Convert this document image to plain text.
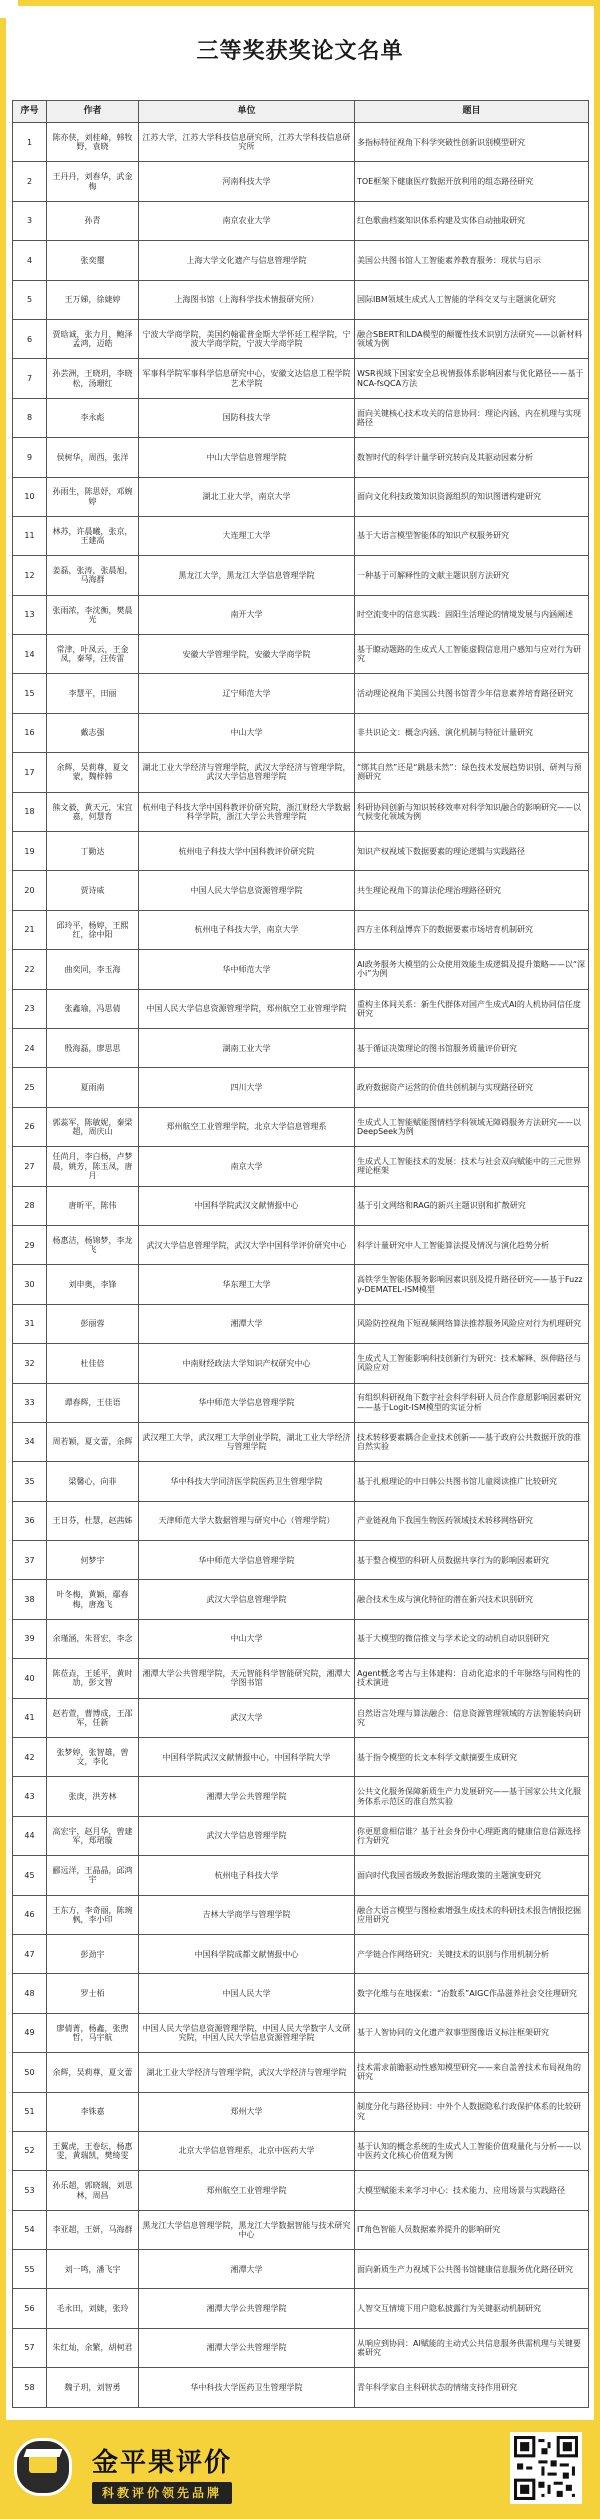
三等奖获奖论文名单
序号	作者	单位	题目
1	陈亦侠，刘桂峰，韩牧野，袁晓	江苏大学，江苏大学科技信息研究所，江苏大学科技信息研究所	多指标特征视角下科学突破性创新识别模型研究
2	王丹丹，刘春华，武金梅	河南科技大学	TOE框架下健康医疗数据开放利用的组态路径研究
3	孙青	南京农业大学	红色歌曲档案知识体系构建及实体自动抽取研究
4	张奕璽	上海大学文化遗产与信息管理学院	美国公共图书馆人工智能素养教育服务：现状与启示
5	王万娣，徐婕婷	上海图书馆（上海科学技术情报研究所）	国际IBM领域生成式人工智能的学科交叉与主题演化研究
6	贾晗诚，张力月，鲍泽孟鸿，迈皓	宁波大学商学院，美国约翰霍普金斯大学怀廷工程学院，宁波大学商学院，宁波大学商学院	融合SBERT和LDA模型的颠覆性技术识别方法研究——以新材料领域为例
7	孙芸洲，王晓玥，李晓松，汤珊红	军事科学院军事科学信息研究中心，安徽文达信息工程学院艺术学院	WSR视域下国家安全总视情报体系影响因素与优化路径——基于NCA-fsQCA方法
8	李永彪	国防科技大学	面向关键核心技术攻关的信息协同：理论内涵、内在机理与实现路径
9	侯树华，周西，张洋	中山大学信息管理学院	数智时代的科学计量学研究转向及其驱动因素分析
10	孙雨生，陈思妤，邓婉婷	湖北工业大学，南京大学	面向文化科技政策知识资源组织的知识图谱构建研究
11	林苏，许晨曦，张京，王建高	大连理工大学	基于大语言模型智能体的知识产权服务研究
12	姜磊，张涛，张晨旭，马海群	黑龙江大学，黑龙江大学信息管理学院	一种基于可解释性的文献主题识别方法研究
13	张雨浓，李沈衡，樊晨光	南开大学	时空流变中的信息实践：固阳生活理论的情境发展与内涵阐述
14	常津，叶凤云，王金凤，秦琴，汪传雷	安徽大学管理学院，安徽大学商学院	基于瞭动题路的生成式人工智能虚假信息用户感知与应对行为研究
15	李慧平，田丽	辽宁师范大学	活动理论视角下美国公共图书馆青少年信息素养培育路径研究
16	戴志强	中山大学	非共识论文：概念内涵、演化机制与特征计量研究
17	余辉，吴莉尊，夏文蒙，魏梓韩	湖北工业大学经济与管理学院，武汉大学经济与管理学院，武汉大学信息管理学院	“绑其自然”还是“跳悬未然”：绿色技术发展趋势识别、研判与预测研究
18	熊文毅，黄天元，宋宜嘉，何慧育	杭州电子科技大学中国科教评价研究院，浙江财经大学数据科学学院，浙江大学公共管理学院	科研协同创新与知识转移效率对科学知识融合的影响研究——以气候变化领域为例
19	丁勤达	杭州电子科技大学中国科教评价研究院	知识产权视域下数据要素的理论逻辑与实践路径
20	贾诗威	中国人民大学信息资源管理学院	共生理论视角下的算法伦理治理路径研究
21	邱玲平，杨婷，王熙红，徐中阳	杭州电子科技大学，南京大学	四方主体利益博弈下的数据要素市场培育机制研究
22	曲奕同，李玉海	华中师范大学	AI政务服务大模型的公众使用效能生成逻辑及提升策略——以“深小i”为例
23	张鑫瑜，冯思倩	中国人民大学信息资源管理学院，郑州航空工业管理学院	重构主体间关系：新生代群体对国产生成式AI的人机协同信任度研究
24	殷海磊，廖思思	湖南工业大学	基于循证决策理论的图书馆服务质量评价研究
25	夏雨南	四川大学	政府数据资产运营的价值共创机制与实现路径研究
26	郭蕊军，陈敏妮，秦梁超，周庆山	郑州航空工业管理学院，北京大学信息管理系	生成式人工智能赋能图情档学科领域无障碍服务方法研究——以DeepSeek为例
27	任尚月，李白杨，卢梦晨，姚芳，陈玉凤，唐月	南京大学	生成式人工智能技术的发展：技术与社会双向赋能中的三元世界理论框架
28	唐昕平，陈伟	中国科学院武汉文献情报中心	基于引文网络和RAG的新兴主题识别和扩散研究
29	杨惠洁，杨锦梦，李龙飞	武汉大学信息管理学院，武汉大学中国科学评价研究中心	科学计量研究中人工智能算法提及情况与演化趋势分析
30	刘申奥，李锋	华东理工大学	高铁学生智能体服务影响因素识别及提升路径研究——基于Fuzzy-DEMATEL-ISM模型
31	彭丽蓉	湘潭大学	风险防控视角下短视频网络算法推荐服务风险应对行为机理研究
32	杜佳倍	中南财经政法大学知识产权研究中心	生成式人工智能影响科技创新行为研究：技术解释、纵伸路径与风险应对
33	谭春辉，王佳语	华中师范大学信息管理学院	有组织科研视角下数字社会科学科研人员合作意愿影响因素研究——基于Logit-ISM模型的实证分析
34	周若颖，夏文蕾，余辉	武汉理工大学，武汉理工大学创业学院，湖北工业大学经济与管理学院	技术转移要素耦合企业技术创新——基于政府公共数据开放的准自然实验
35	梁馨心，向菲	华中科技大学同济医学院医药卫生管理学院	基于扎根理论的中日韩公共图书馆儿童阅读推广比较研究
36	王日芬，杜慧，赵茜姊	天津师范大学大数据管理与研究中心（管理学院）	产业链视角下我国生物医药领域技术转移网络研究
37	何梦宇	华中师范大学信息管理学院	基于整合模型的科研人员数据共享行为的影响因素研究
38	叶冬梅，黄颖，鄢春梅，唐逸飞	武汉大学信息管理学院	融合技术生成与演化特征的潜在新兴技术识别研究
39	余瑾涵，朱晋宏，李念	中山大学	基于大模型的微信推文与学术论文的动机自动识别研究
40	陈莅垚，王延平，黄时劢，彭文智	湘潭大学公共管理学院，天元智能科学智能研究院，湘潭大学图书馆	Agent概念考古与主体建构：自动化追求的千年脉络与同构性的技术演进
41	赵若萱，曹博成，王邵军，任新	武汉大学	自然语言处理与算法融合：信息资源管理领域的方法智能转向研究
42	张梦婷，张智雄，曾文，李化	中国科学院武汉文献情报中心，中国科学院大学	基于指令模型的长文本科学文献摘要生成研究
43	张庚，洪芳林	湘潭大学公共管理学院	公共文化服务保障新质生产力发展研究——基于国家公共文化服务体系示范区的准自然实验
44	高宏宇，赵月华，曾建军，郑珺璇	武汉大学信息管理学院	你更愿意相信谁？基于社会身份中心理距离的健康信息信源选择行为研究
45	郦远洋，王晶晶，邱鸿宇	杭州电子科技大学	面向时代我国省级政务数据治理政策的主题演变研究
46	王东方，李奇丽，陈琬枫，李小印	吉林大学商学与管理学院	融合大语言模型与图检索增强生成技术的科研技术报告情报挖掘应用研究
47	彭劲宇	中国科学院成都文献情报中心	产学链合作网络研究：关键技术的识别与作用机制分析
48	罗士栢	中国人民大学	数字化维与在地探索：“冶数系”AIGC作品滋养社会交往理研究
49	廖倩菁，杨鑫，张煦哲，马宇航	中国人民大学信息资源管理学院，中国人民大学数字人文研究院，中国人民大学信息资源管理学院	基于人智协同的文化遗产叙事型图像语义标注框架研究
50	余辉，吴莉尊，夏文蕾	湖北工业大学经济与管理学院，武汉大学经济与管理学院	技术需求前瞻驱动性感知模型研究——来自盖普技术布局视角的研究
51	李铢嘉	郑州大学	制度分化与路径协同：中外个人数据隐私行政保护体系的比较研究
52	王翼虎，王卷纭，杨惠雯，黄瑞凯，樊绮雯	北京大学信息管理系，北京中医药大学	基于认知的概念系统的生成式人工智能价值观量化与分析——以中医药文化核心价值观为例
53	孙乐超，郭晓瑞，刘思林，周昌	郑州航空工业管理学院	大模型赋能未来学习中心：技术能力、应用场景与实践路径
54	李亚超，王妍，马海群	黑龙江大学信息管理学院，黑龙江大学数据智能与技术研究中心	IT角色智能人员数据素养提升的影响研究
55	刘一鸣，潘飞宇	湘潭大学	面向新质生产力视域下公共图书馆健康信息服务优化路径研究
56	毛永田，刘婕，张玲	湘潭大学公共管理学院	人智交互情境下用户隐私披露行为关键驱动机制研究
57	朱红灿，余繁，胡柯君	湘潭大学公共管理学院	从响应到协同：AI赋能的主动式公共信息服务供需机理与关键要素研究
58	魏子玥，刘智勇	华中科技大学医药卫生管理学院	青年科学家自主科研状态的情绪支持作用研究
金平果评价
科教评价领先品牌
